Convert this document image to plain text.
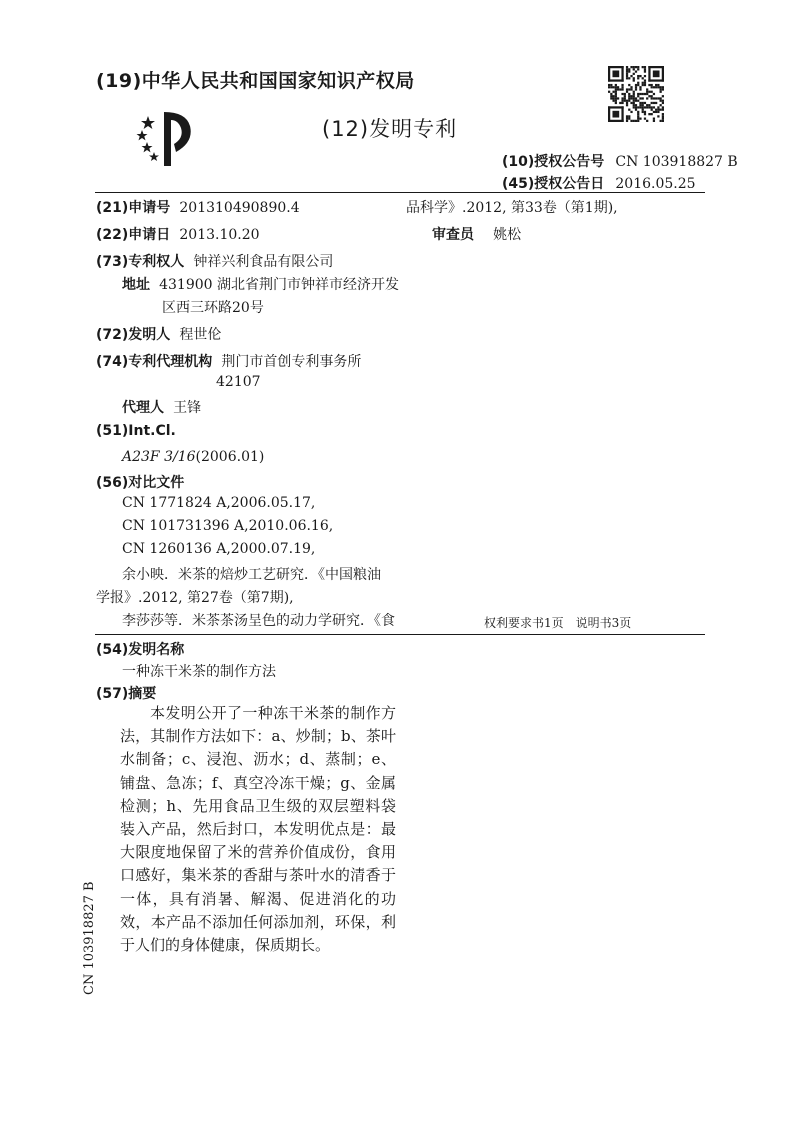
(19)中华人民共和国国家知识产权局
(12)发明专利
(10)授权公告号 CN 103918827 B
(45)授权公告日 2016.05.25
(21)申请号 201310490890.4
(22)申请日 2013.10.20
(73)专利权人 钟祥兴利食品有限公司
地址 431900 湖北省荆门市钟祥市经济开发
区西三环路20号
(72)发明人 程世伦
(74)专利代理机构 荆门市首创专利事务所
42107
代理人 王锋
(51)Int.Cl.
A23F 3/16(2006.01)
(56)对比文件
CN 1771824 A,2006.05.17,
CN 101731396 A,2010.06.16,
CN 1260136 A,2000.07.19,
余小映．米茶的焙炒工艺研究．《中国粮油
学报》.2012, 第27卷（第7期),
李莎莎等．米茶茶汤呈色的动力学研究．《食
品科学》.2012, 第33卷（第1期),
审查员 姚松
权利要求书1页　说明书3页
(54)发明名称
一种冻干米茶的制作方法
(57)摘要
本发明公开了一种冻干米茶的制作方法，其制作方法如下：a、炒制；b、茶叶水制备；c、浸泡、沥水；d、蒸制；e、铺盘、急冻；f、真空冷冻干燥；g、金属检测；h、先用食品卫生级的双层塑料袋装入产品，然后封口，本发明优点是：最大限度地保留了米的营养价值成份，食用口感好，集米茶的香甜与茶叶水的清香于一体，具有消暑、解渴、促进消化的功效，本产品不添加任何添加剂，环保，利于人们的身体健康，保质期长。
CN 103918827 B
